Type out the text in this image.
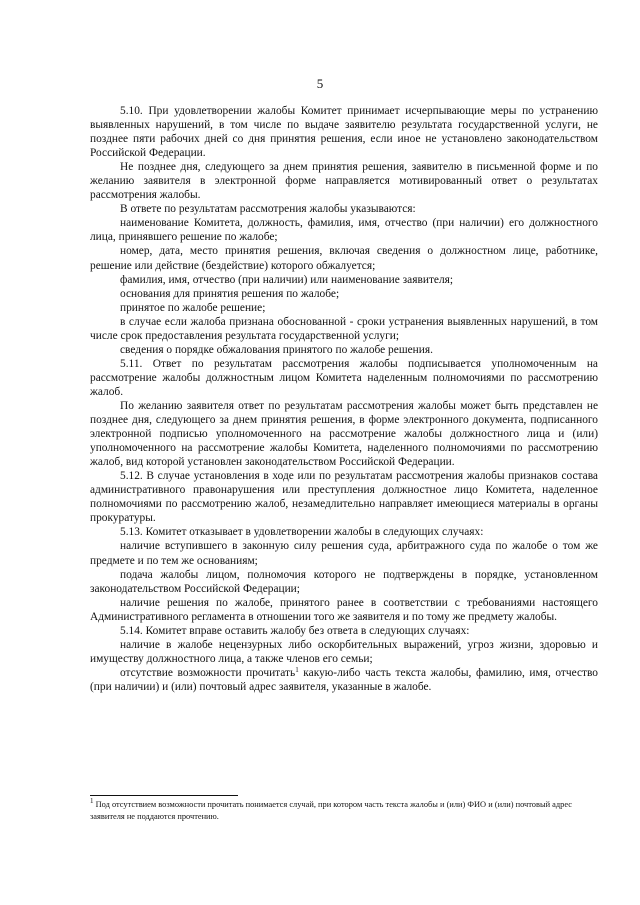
5

5.10. При удовлетворении жалобы Комитет принимает исчерпывающие меры по устранению выявленных нарушений, в том числе по выдаче заявителю результата государственной услуги, не позднее пяти рабочих дней со дня принятия решения, если иное не установлено законодательством Российской Федерации.

Не позднее дня, следующего за днем принятия решения, заявителю в письменной форме и по желанию заявителя в электронной форме направляется мотивированный ответ о результатах рассмотрения жалобы.

В ответе по результатам рассмотрения жалобы указываются:

наименование Комитета, должность, фамилия, имя, отчество (при наличии) его должностного лица, принявшего решение по жалобе;

номер, дата, место принятия решения, включая сведения о должностном лице, работнике, решение или действие (бездействие) которого обжалуется;

фамилия, имя, отчество (при наличии) или наименование заявителя;

основания для принятия решения по жалобе;

принятое по жалобе решение;

в случае если жалоба признана обоснованной - сроки устранения выявленных нарушений, в том числе срок предоставления результата государственной услуги;

сведения о порядке обжалования принятого по жалобе решения.

5.11. Ответ по результатам рассмотрения жалобы подписывается уполномоченным на рассмотрение жалобы должностным лицом Комитета наделенным полномочиями по рассмотрению жалоб.

По желанию заявителя ответ по результатам рассмотрения жалобы может быть представлен не позднее дня, следующего за днем принятия решения, в форме электронного документа, подписанного электронной подписью уполномоченного на рассмотрение жалобы должностного лица и (или) уполномоченного на рассмотрение жалобы Комитета, наделенного полномочиями по рассмотрению жалоб, вид которой установлен законодательством Российской Федерации.

5.12. В случае установления в ходе или по результатам рассмотрения жалобы признаков состава административного правонарушения или преступления должностное лицо Комитета, наделенное полномочиями по рассмотрению жалоб, незамедлительно направляет имеющиеся материалы в органы прокуратуры.

5.13. Комитет отказывает в удовлетворении жалобы в следующих случаях:

наличие вступившего в законную силу решения суда, арбитражного суда по жалобе о том же предмете и по тем же основаниям;

подача жалобы лицом, полномочия которого не подтверждены в порядке, установленном законодательством Российской Федерации;

наличие решения по жалобе, принятого ранее в соответствии с требованиями настоящего Административного регламента в отношении того же заявителя и по тому же предмету жалобы.

5.14. Комитет вправе оставить жалобу без ответа в следующих случаях:

наличие в жалобе нецензурных либо оскорбительных выражений, угроз жизни, здоровью и имуществу должностного лица, а также членов его семьи;

отсутствие возможности прочитать$^1$ какую-либо часть текста жалобы, фамилию, имя, отчество (при наличии) и (или) почтовый адрес заявителя, указанные в жалобе.

$^1$ Под отсутствием возможности прочитать понимается случай, при котором часть текста жалобы и (или) ФИО и (или) почтовый адрес заявителя не поддаются прочтению.
